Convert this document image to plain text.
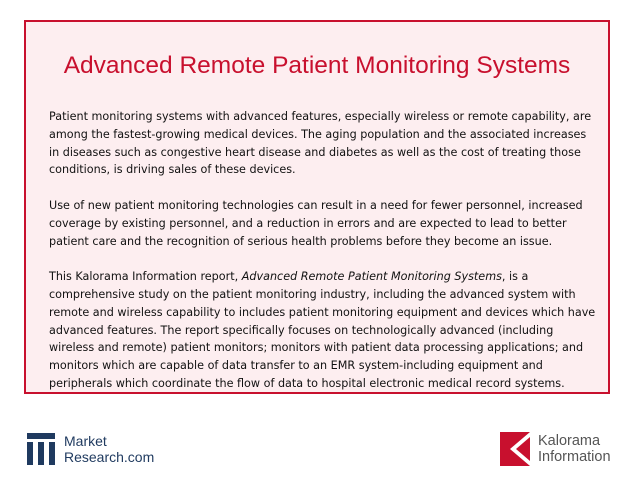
Advanced Remote Patient Monitoring Systems

Patient monitoring systems with advanced features, especially wireless or remote capability, are among the fastest-growing medical devices. The aging population and the associated increases in diseases such as congestive heart disease and diabetes as well as the cost of treating those conditions, is driving sales of these devices.

Use of new patient monitoring technologies can result in a need for fewer personnel, increased coverage by existing personnel, and a reduction in errors and are expected to lead to better patient care and the recognition of serious health problems before they become an issue.

This Kalorama Information report, Advanced Remote Patient Monitoring Systems, is a comprehensive study on the patient monitoring industry, including the advanced system with remote and wireless capability to includes patient monitoring equipment and devices which have advanced features. The report specifically focuses on technologically advanced (including wireless and remote) patient monitors; monitors with patient data processing applications; and monitors which are capable of data transfer to an EMR system-including equipment and peripherals which coordinate the flow of data to hospital electronic medical record systems.

Market
Research.com
Kalorama
Information
